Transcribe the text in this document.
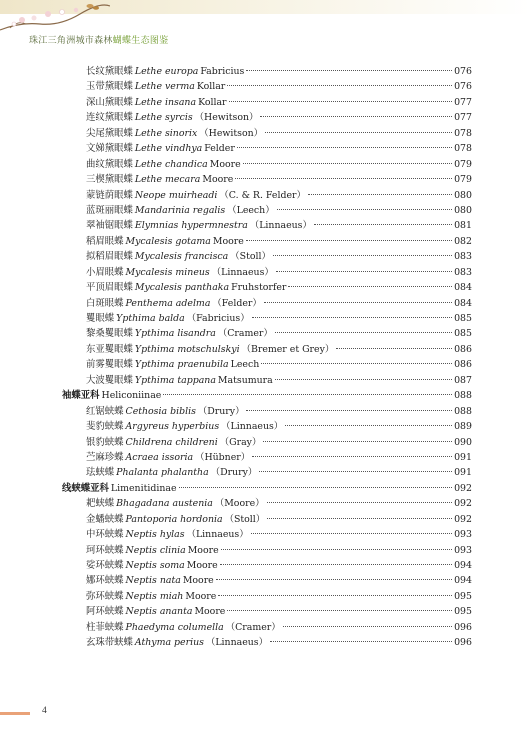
珠江三角洲城市森林蝴蝶生态图鉴
长纹黛眼蝶 Lethe europa Fabricius	076
玉带黛眼蝶 Lethe verma Kollar	076
深山黛眼蝶 Lethe insana Kollar	077
连纹黛眼蝶 Lethe syrcis （Hewitson）	077
尖尾黛眼蝶 Lethe sinorix （Hewitson）	078
文娣黛眼蝶 Lethe vindhya Felder	078
曲纹黛眼蝶 Lethe chandica Moore	079
三楔黛眼蝶 Lethe mecara Moore	079
蒙链荫眼蝶 Neope muirheadi （C. & R. Felder）	080
蓝斑丽眼蝶 Mandarinia regalis （Leech）	080
翠袖锯眼蝶 Elymnias hypermnestra （Linnaeus）	081
稻眉眼蝶 Mycalesis gotama Moore	082
拟稻眉眼蝶 Mycalesis francisca （Stoll）	083
小眉眼蝶 Mycalesis mineus （Linnaeus）	083
平顶眉眼蝶 Mycalesis panthaka Fruhstorfer	084
白斑眼蝶 Penthema adelma （Felder）	084
矍眼蝶 Ypthima balda （Fabricius）	085
黎桑矍眼蝶 Ypthima lisandra （Cramer）	085
东亚矍眼蝶 Ypthima motschulskyi （Bremer et Grey）	086
前雾矍眼蝶 Ypthima praenubila Leech	086
大波矍眼蝶 Ypthima tappana Matsumura	087
袖蝶亚科 Heliconiinae	088
红锯蛱蝶 Cethosia biblis （Drury）	088
斐豹蛱蝶 Argyreus hyperbius （Linnaeus）	089
银豹蛱蝶 Childrena childreni （Gray）	090
苎麻珍蝶 Acraea issoria （Hübner）	091
珐蛱蝶 Phalanta phalantha （Drury）	091
线蛱蝶亚科 Limenitidinae	092
耙蛱蝶 Bhagadana austenia （Moore）	092
金蟠蛱蝶 Pantoporia hordonia （Stoll）	092
中环蛱蝶 Neptis hylas （Linnaeus）	093
珂环蛱蝶 Neptis clinia Moore	093
娑环蛱蝶 Neptis soma Moore	094
娜环蛱蝶 Neptis nata Moore	094
弥环蛱蝶 Neptis miah Moore	095
阿环蛱蝶 Neptis ananta Moore	095
柱菲蛱蝶 Phaedyma columella （Cramer）	096
玄珠带蛱蝶 Athyma perius （Linnaeus）	096
4
